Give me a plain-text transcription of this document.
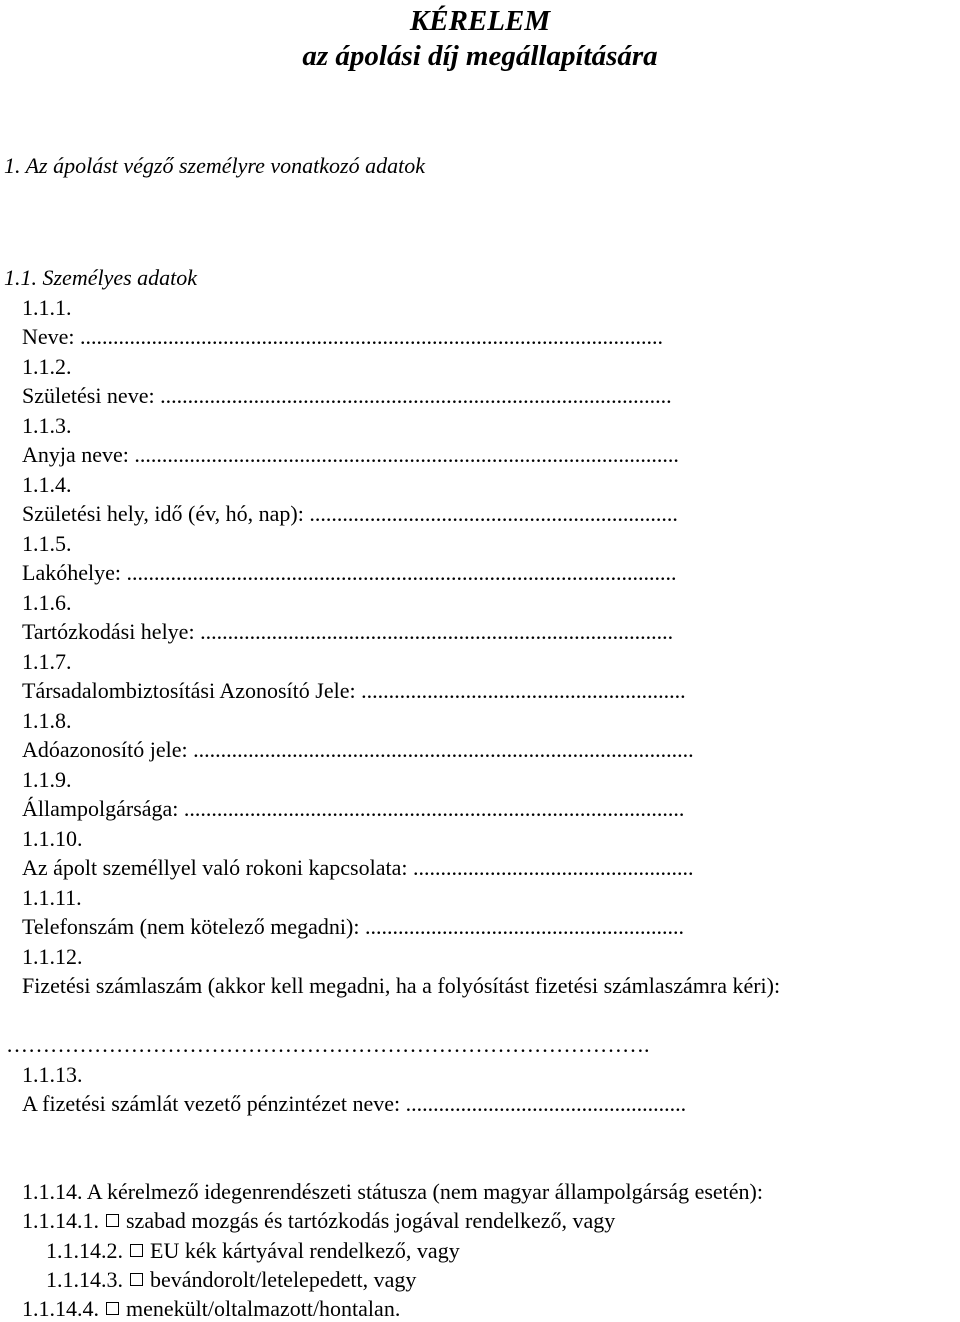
KÉRELEM
az ápolási díj megállapítására
1. Az ápolást végző személyre vonatkozó adatok
1.1. Személyes adatok
1.1.1.
Neve: ..........................................................................................................
1.1.2.
Születési neve: .............................................................................................
1.1.3.
Anyja neve: ...................................................................................................
1.1.4.
Születési hely, idő (év, hó, nap): ...................................................................
1.1.5.
Lakóhelye: ....................................................................................................
1.1.6.
Tartózkodási helye: ......................................................................................
1.1.7.
Társadalombiztosítási Azonosító Jele: ...........................................................
1.1.8.
Adóazonosító jele: ...........................................................................................
1.1.9.
Állampolgársága: ...........................................................................................
1.1.10.
Az ápolt személlyel való rokoni kapcsolata: ...................................................
1.1.11.
Telefonszám (nem kötelező megadni): ..........................................................
1.1.12.
Fizetési számlaszám (akkor kell megadni, ha a folyósítást fizetési számlaszámra kéri):
…………………………………………………………………………….
1.1.13.
A fizetési számlát vezető pénzintézet neve: ...................................................
1.1.14. A kérelmező idegenrendészeti státusza (nem magyar állampolgárság esetén):
1.1.14.1. szabad mozgás és tartózkodás jogával rendelkező, vagy
1.1.14.2. EU kék kártyával rendelkező, vagy
1.1.14.3. bevándorolt/letelepedett, vagy
1.1.14.4. menekült/oltalmazott/hontalan.
